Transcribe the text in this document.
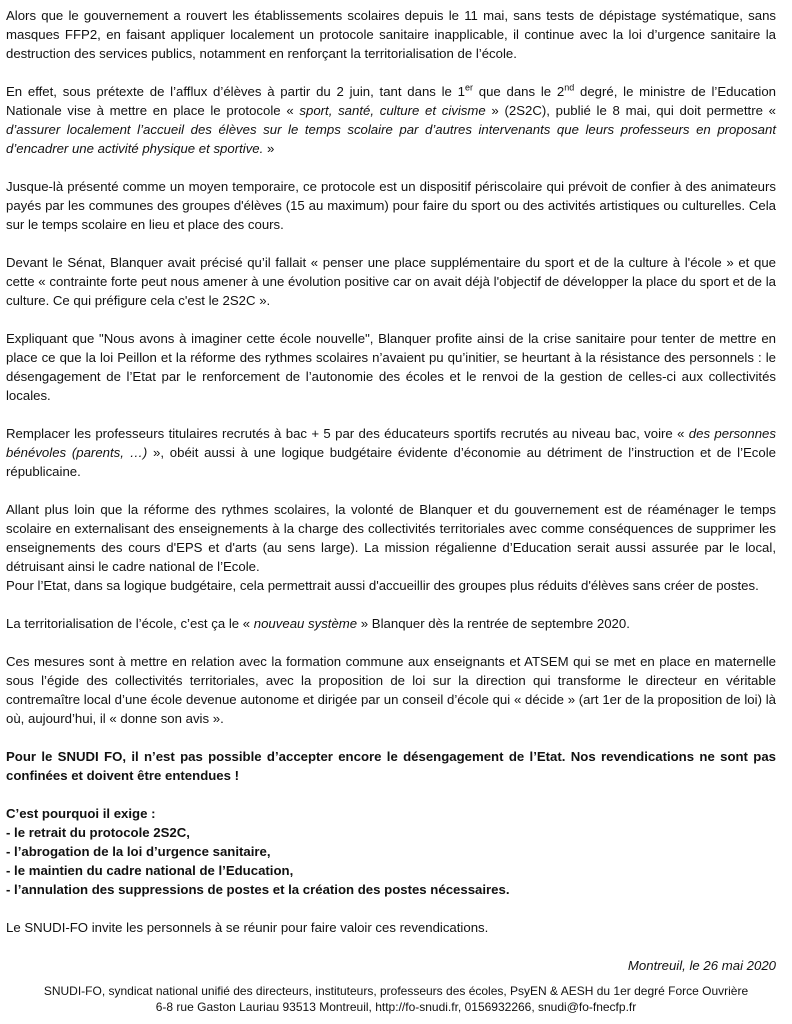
Alors que le gouvernement a rouvert les établissements scolaires depuis le 11 mai, sans tests de dépistage systématique, sans masques FFP2, en faisant appliquer localement un protocole sanitaire inapplicable, il continue avec la loi d’urgence sanitaire la destruction des services publics, notamment en renforçant la territorialisation de l’école.

En effet, sous prétexte de l’afflux d’élèves à partir du 2 juin, tant dans le 1er que dans le 2nd degré, le ministre de l’Education Nationale vise à mettre en place le protocole « sport, santé, culture et civisme » (2S2C), publié le 8 mai, qui doit permettre « d’assurer localement l’accueil des élèves sur le temps scolaire par d’autres intervenants que leurs professeurs en proposant d’encadrer une activité physique et sportive. »

Jusque-là présenté comme un moyen temporaire, ce protocole est un dispositif périscolaire qui prévoit de confier à des animateurs payés par les communes des groupes d'élèves (15 au maximum) pour faire du sport ou des activités artistiques ou culturelles. Cela sur le temps scolaire en lieu et place des cours.

Devant le Sénat, Blanquer avait précisé qu’il fallait « penser une place supplémentaire du sport et de la culture à l'école » et que cette « contrainte forte peut nous amener à une évolution positive car on avait déjà l'objectif de développer la place du sport et de la culture. Ce qui préfigure cela c'est le 2S2C ».

Expliquant que "Nous avons à imaginer cette école nouvelle", Blanquer profite ainsi de la crise sanitaire pour tenter de mettre en place ce que la loi Peillon et la réforme des rythmes scolaires n’avaient pu qu’initier, se heurtant à la résistance des personnels : le désengagement de l’Etat par le renforcement de l’autonomie des écoles et le renvoi de la gestion de celles-ci aux collectivités locales.

Remplacer les professeurs titulaires recrutés à bac + 5 par des éducateurs sportifs recrutés au niveau bac, voire « des personnes bénévoles (parents, …) », obéit aussi à une logique budgétaire évidente d’économie au détriment de l’instruction et de l’Ecole républicaine.

Allant plus loin que la réforme des rythmes scolaires, la volonté de Blanquer et du gouvernement est de réaménager le temps scolaire en externalisant des enseignements à la charge des collectivités territoriales avec comme conséquences de supprimer les enseignements des cours d'EPS et d'arts (au sens large). La mission régalienne d’Education serait aussi assurée par le local, détruisant ainsi le cadre national de l’Ecole.

Pour l’Etat, dans sa logique budgétaire, cela permettrait aussi d'accueillir des groupes plus réduits d'élèves sans créer de postes.

La territorialisation de l’école, c’est ça le « nouveau système » Blanquer dès la rentrée de septembre 2020.

Ces mesures sont à mettre en relation avec la formation commune aux enseignants et ATSEM qui se met en place en maternelle sous l’égide des collectivités territoriales, avec la proposition de loi sur la direction qui transforme le directeur en véritable contremaître local d’une école devenue autonome et dirigée par un conseil d’école qui « décide » (art 1er de la proposition de loi) là où, aujourd’hui, il « donne son avis ».

Pour le SNUDI FO, il n’est pas possible d’accepter encore le désengagement de l’Etat. Nos revendications ne sont pas confinées et doivent être entendues !

C’est pourquoi il exige :

- le retrait du protocole 2S2C,

- l’abrogation de la loi d’urgence sanitaire,

- le maintien du cadre national de l’Education,

- l’annulation des suppressions de postes et la création des postes nécessaires.

Le SNUDI-FO invite les personnels à se réunir pour faire valoir ces revendications.

Montreuil, le 26 mai 2020

SNUDI-FO, syndicat national unifié des directeurs, instituteurs, professeurs des écoles, PsyEN & AESH du 1er degré Force Ouvrière
6-8 rue Gaston Lauriau 93513 Montreuil, http://fo-snudi.fr, 0156932266, snudi@fo-fnecfp.fr
